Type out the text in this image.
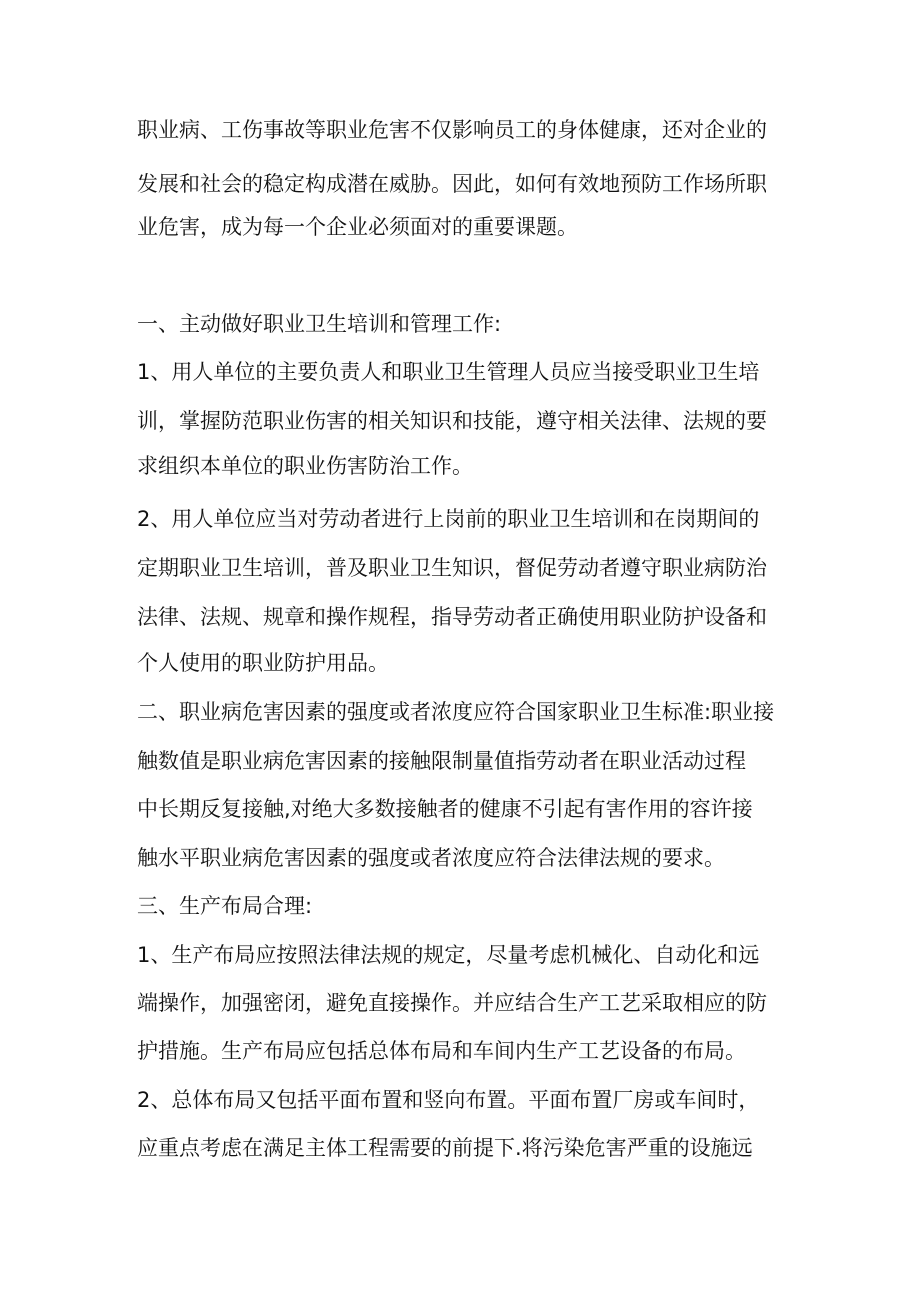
职业病、工伤事故等职业危害不仅影响员工的身体健康，还对企业的

发展和社会的稳定构成潜在威胁。因此，如何有效地预防工作场所职

业危害，成为每一个企业必须面对的重要课题。

一、主动做好职业卫生培训和管理工作:

1、用人单位的主要负责人和职业卫生管理人员应当接受职业卫生培

训，掌握防范职业伤害的相关知识和技能，遵守相关法律、法规的要

求组织本单位的职业伤害防治工作。

2、用人单位应当对劳动者进行上岗前的职业卫生培训和在岗期间的

定期职业卫生培训，普及职业卫生知识，督促劳动者遵守职业病防治

法律、法规、规章和操作规程，指导劳动者正确使用职业防护设备和

个人使用的职业防护用品。

二、职业病危害因素的强度或者浓度应符合国家职业卫生标准:职业接

触数值是职业病危害因素的接触限制量值指劳动者在职业活动过程

中长期反复接触,对绝大多数接触者的健康不引起有害作用的容许接

触水平职业病危害因素的强度或者浓度应符合法律法规的要求。

三、生产布局合理:

1、生产布局应按照法律法规的规定，尽量考虑机械化、自动化和远

端操作，加强密闭，避免直接操作。并应结合生产工艺采取相应的防

护措施。生产布局应包括总体布局和车间内生产工艺设备的布局。

2、总体布局又包括平面布置和竖向布置。平面布置厂房或车间时，

应重点考虑在满足主体工程需要的前提下.将污染危害严重的设施远
